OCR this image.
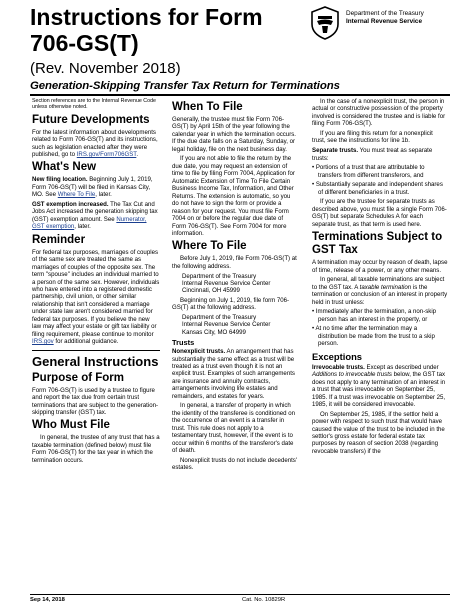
Instructions for Form
706-GS(T)
(Rev. November 2018)
Generation-Skipping Transfer Tax Return for Terminations
Department of the Treasury
Internal Revenue Service

Section references are to the Internal Revenue Code unless otherwise noted.

Future Developments

For the latest information about developments related to Form 706-GS(T) and its instructions, such as legislation enacted after they were published, go to IRS.gov/Form706GST.

What's New

New filing location. Beginning July 1, 2019, Form 706-GS(T) will be filed in Kansas City, MO. See Where To File, later.

GST exemption increased. The Tax Cut and Jobs Act increased the generation skipping tax (GST) exemption amount. See Numerator, GST exemption, later.

Reminder

For federal tax purposes, marriages of couples of the same sex are treated the same as marriages of couples of the opposite sex. The term "spouse" includes an individual married to a person of the same sex. However, individuals who have entered into a registered domestic partnership, civil union, or other similar relationship that isn't considered a marriage under state law aren't considered married for federal tax purposes. If you believe the new law may affect your estate or gift tax liability or filing requirement, please continue to monitor IRS.gov for additional guidance.

General Instructions
Purpose of Form

Form 706-GS(T) is used by a trustee to figure and report the tax due from certain trust terminations that are subject to the generation-skipping transfer (GST) tax.

Who Must File

In general, the trustee of any trust that has a taxable termination (defined below) must file Form 706-GS(T) for the tax year in which the termination occurs.

When To File

Generally, the trustee must file Form 706-GS(T) by April 15th of the year following the calendar year in which the termination occurs. If the due date falls on a Saturday, Sunday, or legal holiday, file on the next business day.

If you are not able to file the return by the due date, you may request an extension of time to file by filing Form 7004, Application for Automatic Extension of Time To File Certain Business Income Tax, Information, and Other Returns. The extension is automatic, so you do not have to sign the form or provide a reason for your request. You must file Form 7004 on or before the regular due date of Form 706-GS(T). See Form 7004 for more information.

Where To File

Before July 1, 2019, file Form 706-GS(T) at the following address.

Department of the Treasury
Internal Revenue Service Center
Cincinnati, OH 45999

Beginning on July 1, 2019, file form 706-GS(T) at the following address.

Department of the Treasury
Internal Revenue Service Center
Kansas City, MO 64999
Trusts

Nonexplicit trusts. An arrangement that has substantially the same effect as a trust will be treated as a trust even though it is not an explicit trust. Examples of such arrangements are insurance and annuity contracts, arrangements involving life estates and remainders, and estates for years.

In general, a transfer of property in which the identity of the transferee is conditioned on the occurrence of an event is a transfer in trust. This rule does not apply to a testamentary trust, however, if the event is to occur within 6 months of the transferor's date of death.

Nonexplicit trusts do not include decedents' estates.

In the case of a nonexplicit trust, the person in actual or constructive possession of the property involved is considered the trustee and is liable for filing Form 706-GS(T).

If you are filing this return for a nonexplicit trust, see the instructions for line 1b.

Separate trusts. You must treat as separate trusts:

• Portions of a trust that are attributable to transfers from different transferors, and

• Substantially separate and independent shares of different beneficiaries in a trust.

If you are the trustee for separate trusts as described above, you must file a single Form 706-GS(T) but separate Schedules A for each separate trust, as that term is used here.

Terminations Subject to GST Tax

A termination may occur by reason of death, lapse of time, release of a power, or any other means.

In general, all taxable terminations are subject to the GST tax. A taxable termination is the termination or conclusion of an interest in property held in trust unless:

• Immediately after the termination, a non-skip person has an interest in the property, or

• At no time after the termination may a distribution be made from the trust to a skip person.

Exceptions

Irrevocable trusts. Except as described under Additions to irrevocable trusts below, the GST tax does not apply to any termination of an interest in a trust that was irrevocable on September 25, 1985. If a trust was irrevocable on September 25, 1985, it will be considered irrevocable.

On September 25, 1985, if the settlor held a power with respect to such trust that would have caused the value of the trust to be included in the settlor's gross estate for federal estate tax purposes by reason of section 2038 (regarding revocable transfers) if the

Sep 14, 2018	Cat. No. 10829R
